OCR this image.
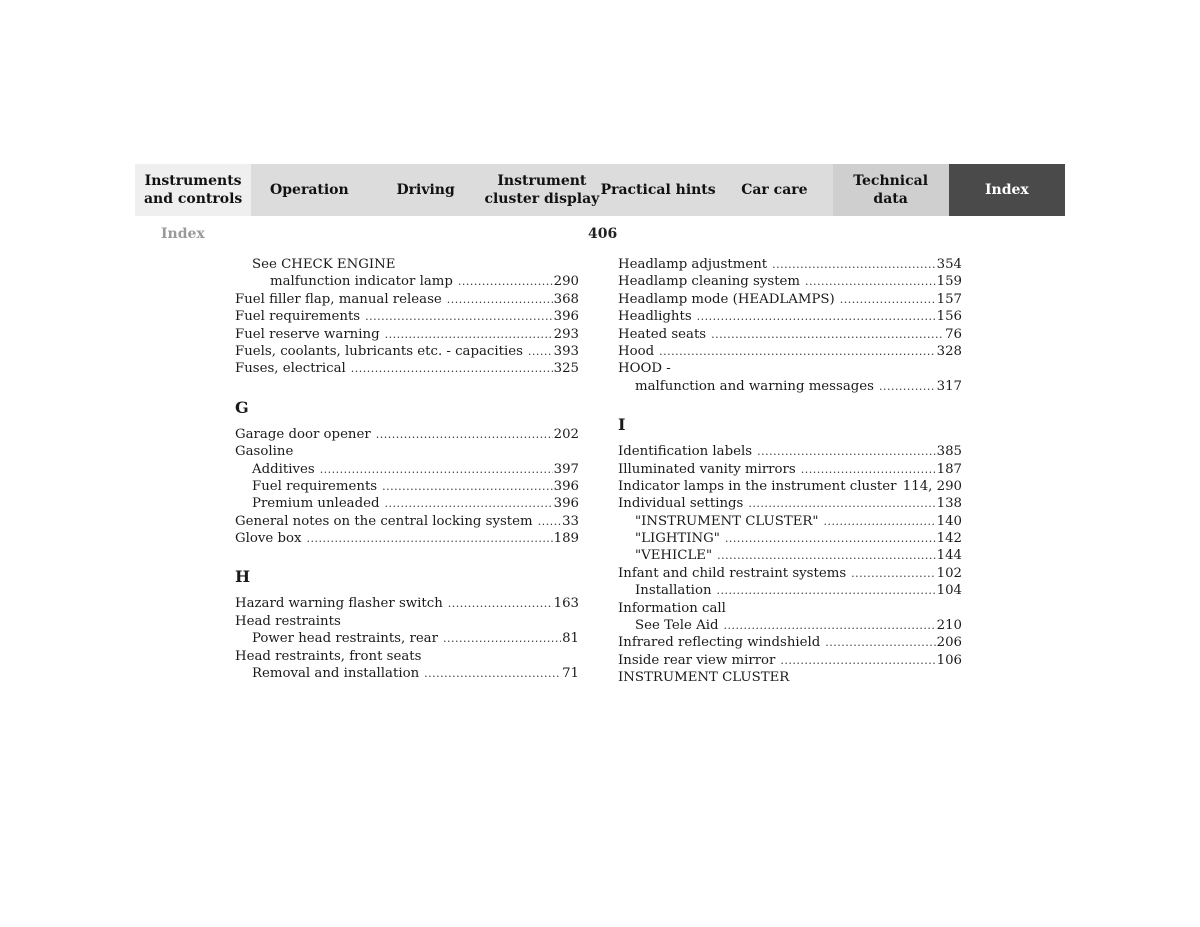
Instruments
and controls
Operation	Driving
Instrument
cluster display
Practical hints	Car care
Technical
data
Index
Index	406
See CHECK ENGINE
malfunction indicator lamp .....	290
Fuel filler flap, manual release .....	368
Fuel requirements .....	396
Fuel reserve warning .....	293
Fuels, coolants, lubricants etc. - capacities ..... 393
Fuses, electrical .....	325
G
Garage door opener .....	202
Gasoline
Additives .....	397
Fuel requirements .....	396
Premium unleaded .....	396
General notes on the central locking system ..... 33
Glove box .....	189
H
Hazard warning flasher switch .....	163
Head restraints
Power head restraints, rear .....	81
Head restraints, front seats
Removal and installation .....	71
Headlamp adjustment .....	354
Headlamp cleaning system .....	159
Headlamp mode (HEADLAMPS) .....	157
Headlights .....	156
Heated seats .....	76
Hood .....	328
HOOD -
malfunction and warning messages .....	317
I
Identification labels .....	385
Illuminated vanity mirrors .....	187
Indicator lamps in the instrument cluster ..... 114, 290
Individual settings .....	138
"INSTRUMENT CLUSTER" .....	140
"LIGHTING" .....	142
"VEHICLE" .....	144
Infant and child restraint systems .....	102
Installation .....	104
Information call
See Tele Aid .....	210
Infrared reflecting windshield .....	206
Inside rear view mirror .....	106
INSTRUMENT CLUSTER
